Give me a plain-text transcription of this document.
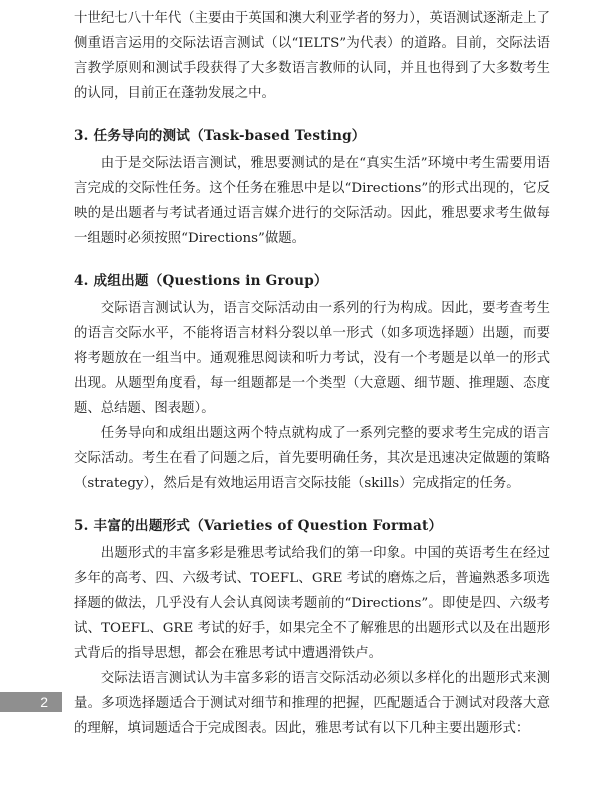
十世纪七八十年代（主要由于英国和澳大利亚学者的努力），英语测试逐渐走上了侧重语言运用的交际法语言测试（以“IELTS”为代表）的道路。目前，交际法语言教学原则和测试手段获得了大多数语言教师的认同，并且也得到了大多数考生的认同，目前正在蓬勃发展之中。

3. 任务导向的测试（Task-based Testing）

由于是交际法语言测试，雅思要测试的是在“真实生活”环境中考生需要用语言完成的交际性任务。这个任务在雅思中是以“Directions”的形式出现的，它反映的是出题者与考试者通过语言媒介进行的交际活动。因此，雅思要求考生做每一组题时必须按照“Directions”做题。

4. 成组出题（Questions in Group）

交际语言测试认为，语言交际活动由一系列的行为构成。因此，要考查考生的语言交际水平，不能将语言材料分裂以单一形式（如多项选择题）出题，而要将考题放在一组当中。通观雅思阅读和听力考试，没有一个考题是以单一的形式出现。从题型角度看，每一组题都是一个类型（大意题、细节题、推理题、态度题、总结题、图表题）。

任务导向和成组出题这两个特点就构成了一系列完整的要求考生完成的语言交际活动。考生在看了问题之后，首先要明确任务，其次是迅速决定做题的策略（strategy），然后是有效地运用语言交际技能（skills）完成指定的任务。

5. 丰富的出题形式（Varieties of Question Format）

出题形式的丰富多彩是雅思考试给我们的第一印象。中国的英语考生在经过多年的高考、四、六级考试、TOEFL、GRE 考试的磨炼之后，普遍熟悉多项选择题的做法，几乎没有人会认真阅读考题前的“Directions”。即使是四、六级考试、TOEFL、GRE 考试的好手，如果完全不了解雅思的出题形式以及在出题形式背后的指导思想，都会在雅思考试中遭遇滑铁卢。

交际法语言测试认为丰富多彩的语言交际活动必须以多样化的出题形式来测量。多项选择题适合于测试对细节和推理的把握，匹配题适合于测试对段落大意的理解，填词题适合于完成图表。因此，雅思考试有以下几种主要出题形式：

2
